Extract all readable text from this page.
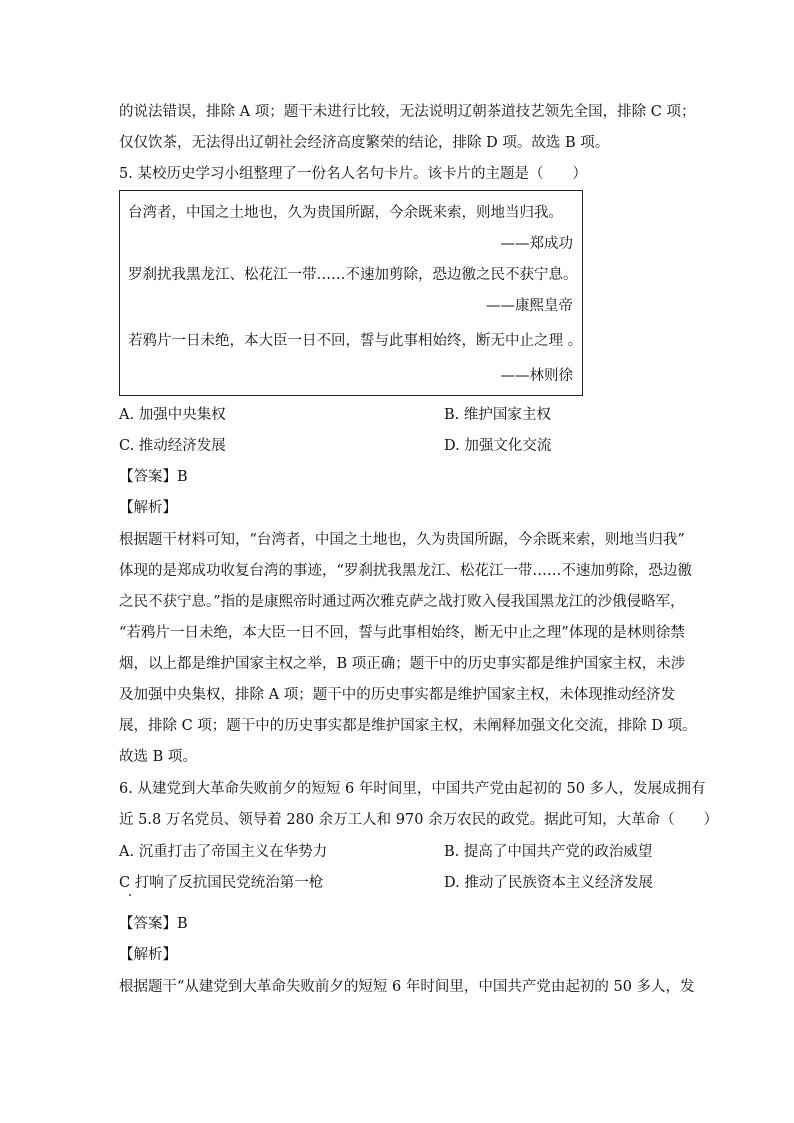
的说法错误，排除 A 项；题干未进行比较，无法说明辽朝茶道技艺领先全国，排除 C 项；
仅仅饮茶，无法得出辽朝社会经济高度繁荣的结论，排除 D 项。故选 B 项。
5. 某校历史学习小组整理了一份名人名句卡片。该卡片的主题是（　　）
台湾者，中国之土地也，久为贵国所踞，今余既来索，则地当归我。
——郑成功
罗刹扰我黑龙江、松花江一带……不速加剪除，恐边徼之民不获宁息。
——康熙皇帝
若鸦片一日未绝，本大臣一日不回，誓与此事相始终，断无中止之理 。
——林则徐
A. 加强中央集权	B. 维护国家主权
C. 推动经济发展	D. 加强文化交流
【答案】B
【解析】
根据题干材料可知，“台湾者，中国之土地也，久为贵国所踞，今余既来索，则地当归我”
体现的是郑成功收复台湾的事迹，“罗刹扰我黑龙江、松花江一带……不速加剪除，恐边徼
之民不获宁息。”指的是康熙帝时通过两次雅克萨之战打败入侵我国黑龙江的沙俄侵略军，
“若鸦片一日未绝，本大臣一日不回，誓与此事相始终，断无中止之理”体现的是林则徐禁
烟，以上都是维护国家主权之举，B 项正确；题干中的历史事实都是维护国家主权，未涉
及加强中央集权，排除 A 项；题干中的历史事实都是维护国家主权，未体现推动经济发
展，排除 C 项；题干中的历史事实都是维护国家主权，未阐释加强文化交流，排除 D 项。
故选 B 项。
6. 从建党到大革命失败前夕的短短 6 年时间里，中国共产党由起初的 50 多人，发展成拥有
近 5.8 万名党员、领导着 280 余万工人和 970 余万农民的政党。据此可知，大革命（　　）
A. 沉重打击了帝国主义在华势力	B. 提高了中国共产党的政治威望
C 打响了反抗国民党统治第一枪	D. 推动了民族资本主义经济发展
【答案】B
【解析】
根据题干“从建党到大革命失败前夕的短短 6 年时间里，中国共产党由起初的 50 多人，发
